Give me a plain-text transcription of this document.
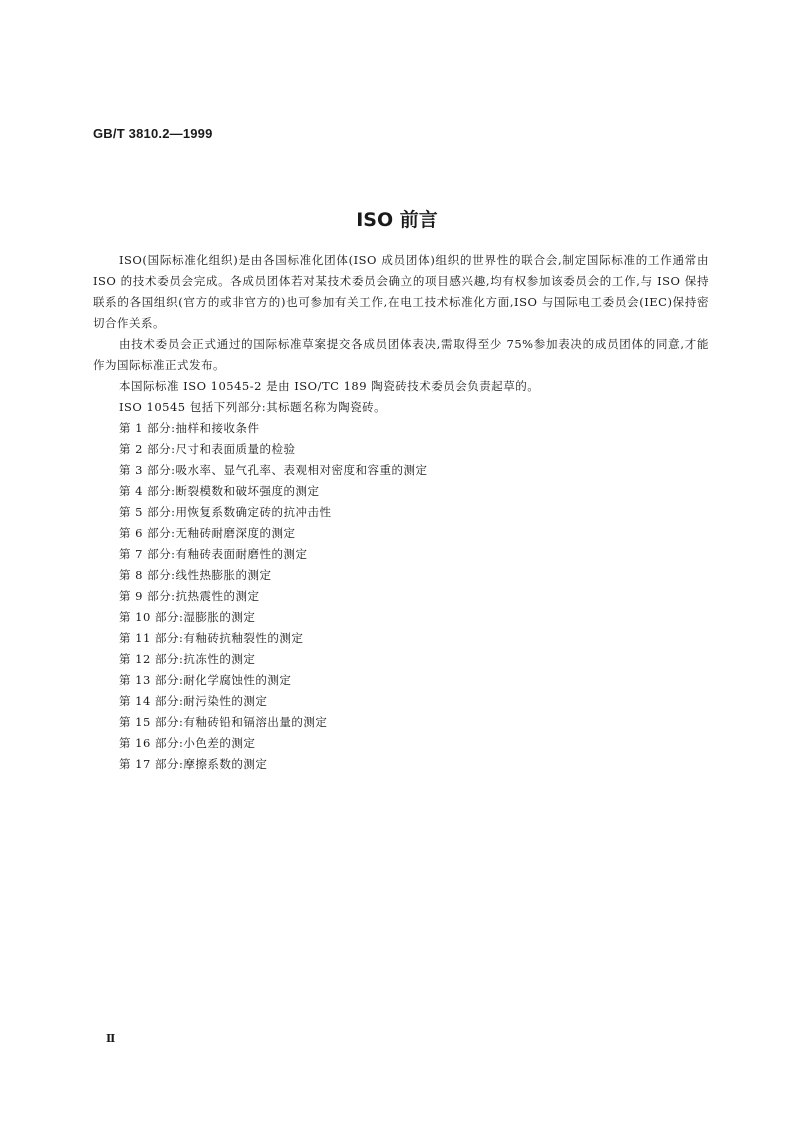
GB/T 3810.2—1999
ISO 前言

ISO(国际标准化组织)是由各国标准化团体(ISO 成员团体)组织的世界性的联合会,制定国际标准的工作通常由 ISO 的技术委员会完成。各成员团体若对某技术委员会确立的项目感兴趣,均有权参加该委员会的工作,与 ISO 保持联系的各国组织(官方的或非官方的)也可参加有关工作,在电工技术标准化方面,ISO 与国际电工委员会(IEC)保持密切合作关系。

由技术委员会正式通过的国际标准草案提交各成员团体表决,需取得至少 75%参加表决的成员团体的同意,才能作为国际标准正式发布。

本国际标准 ISO 10545-2 是由 ISO/TC 189 陶瓷砖技术委员会负责起草的。

ISO 10545 包括下列部分:其标题名称为陶瓷砖。

第 1 部分:抽样和接收条件

第 2 部分:尺寸和表面质量的检验

第 3 部分:吸水率、显气孔率、表观相对密度和容重的测定

第 4 部分:断裂模数和破坏强度的测定

第 5 部分:用恢复系数确定砖的抗冲击性

第 6 部分:无釉砖耐磨深度的测定

第 7 部分:有釉砖表面耐磨性的测定

第 8 部分:线性热膨胀的测定

第 9 部分:抗热震性的测定

第 10 部分:湿膨胀的测定

第 11 部分:有釉砖抗釉裂性的测定

第 12 部分:抗冻性的测定

第 13 部分:耐化学腐蚀性的测定

第 14 部分:耐污染性的测定

第 15 部分:有釉砖铅和镉溶出量的测定

第 16 部分:小色差的测定

第 17 部分:摩擦系数的测定

Ⅱ
